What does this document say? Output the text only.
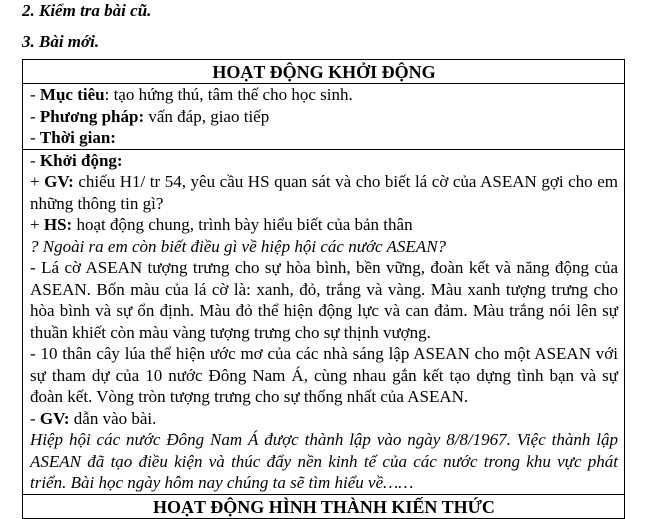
2. Kiểm tra bài cũ.
3. Bài mới.
HOẠT ĐỘNG KHỞI ĐỘNG

- Mục tiêu: tạo hứng thú, tâm thế cho học sinh.
- Phương pháp: vấn đáp, giao tiếp
- Thời gian:

- Khởi động:
+ GV: chiếu H1/ tr 54, yêu cầu HS quan sát và cho biết lá cờ của ASEAN gợi cho em những thông tin gì?
+ HS: hoạt động chung, trình bày hiểu biết của bản thân
? Ngoài ra em còn biết điều gì về hiệp hội các nước ASEAN?
- Lá cờ ASEAN tượng trưng cho sự hòa bình, bền vững, đoàn kết và năng động của ASEAN. Bốn màu của lá cờ là: xanh, đỏ, trắng và vàng. Màu xanh tượng trưng cho hòa bình và sự ổn định. Màu đỏ thể hiện động lực và can đảm. Màu trắng nói lên sự thuần khiết còn màu vàng tượng trưng cho sự thịnh vượng.
- 10 thân cây lúa thể hiện ước mơ của các nhà sáng lập ASEAN cho một ASEAN với sự tham dự của 10 nước Đông Nam Á, cùng nhau gắn kết tạo dựng tình bạn và sự đoàn kết. Vòng tròn tượng trưng cho sự thống nhất của ASEAN.
- GV: dẫn vào bài.
Hiệp hội các nước Đông Nam Á được thành lập vào ngày 8/8/1967. Việc thành lập ASEAN đã tạo điều kiện và thúc đẩy nền kinh tế của các nước trong khu vực phát triển. Bài học ngày hôm nay chúng ta sẽ tìm hiểu về……

HOẠT ĐỘNG HÌNH THÀNH KIẾN THỨC
